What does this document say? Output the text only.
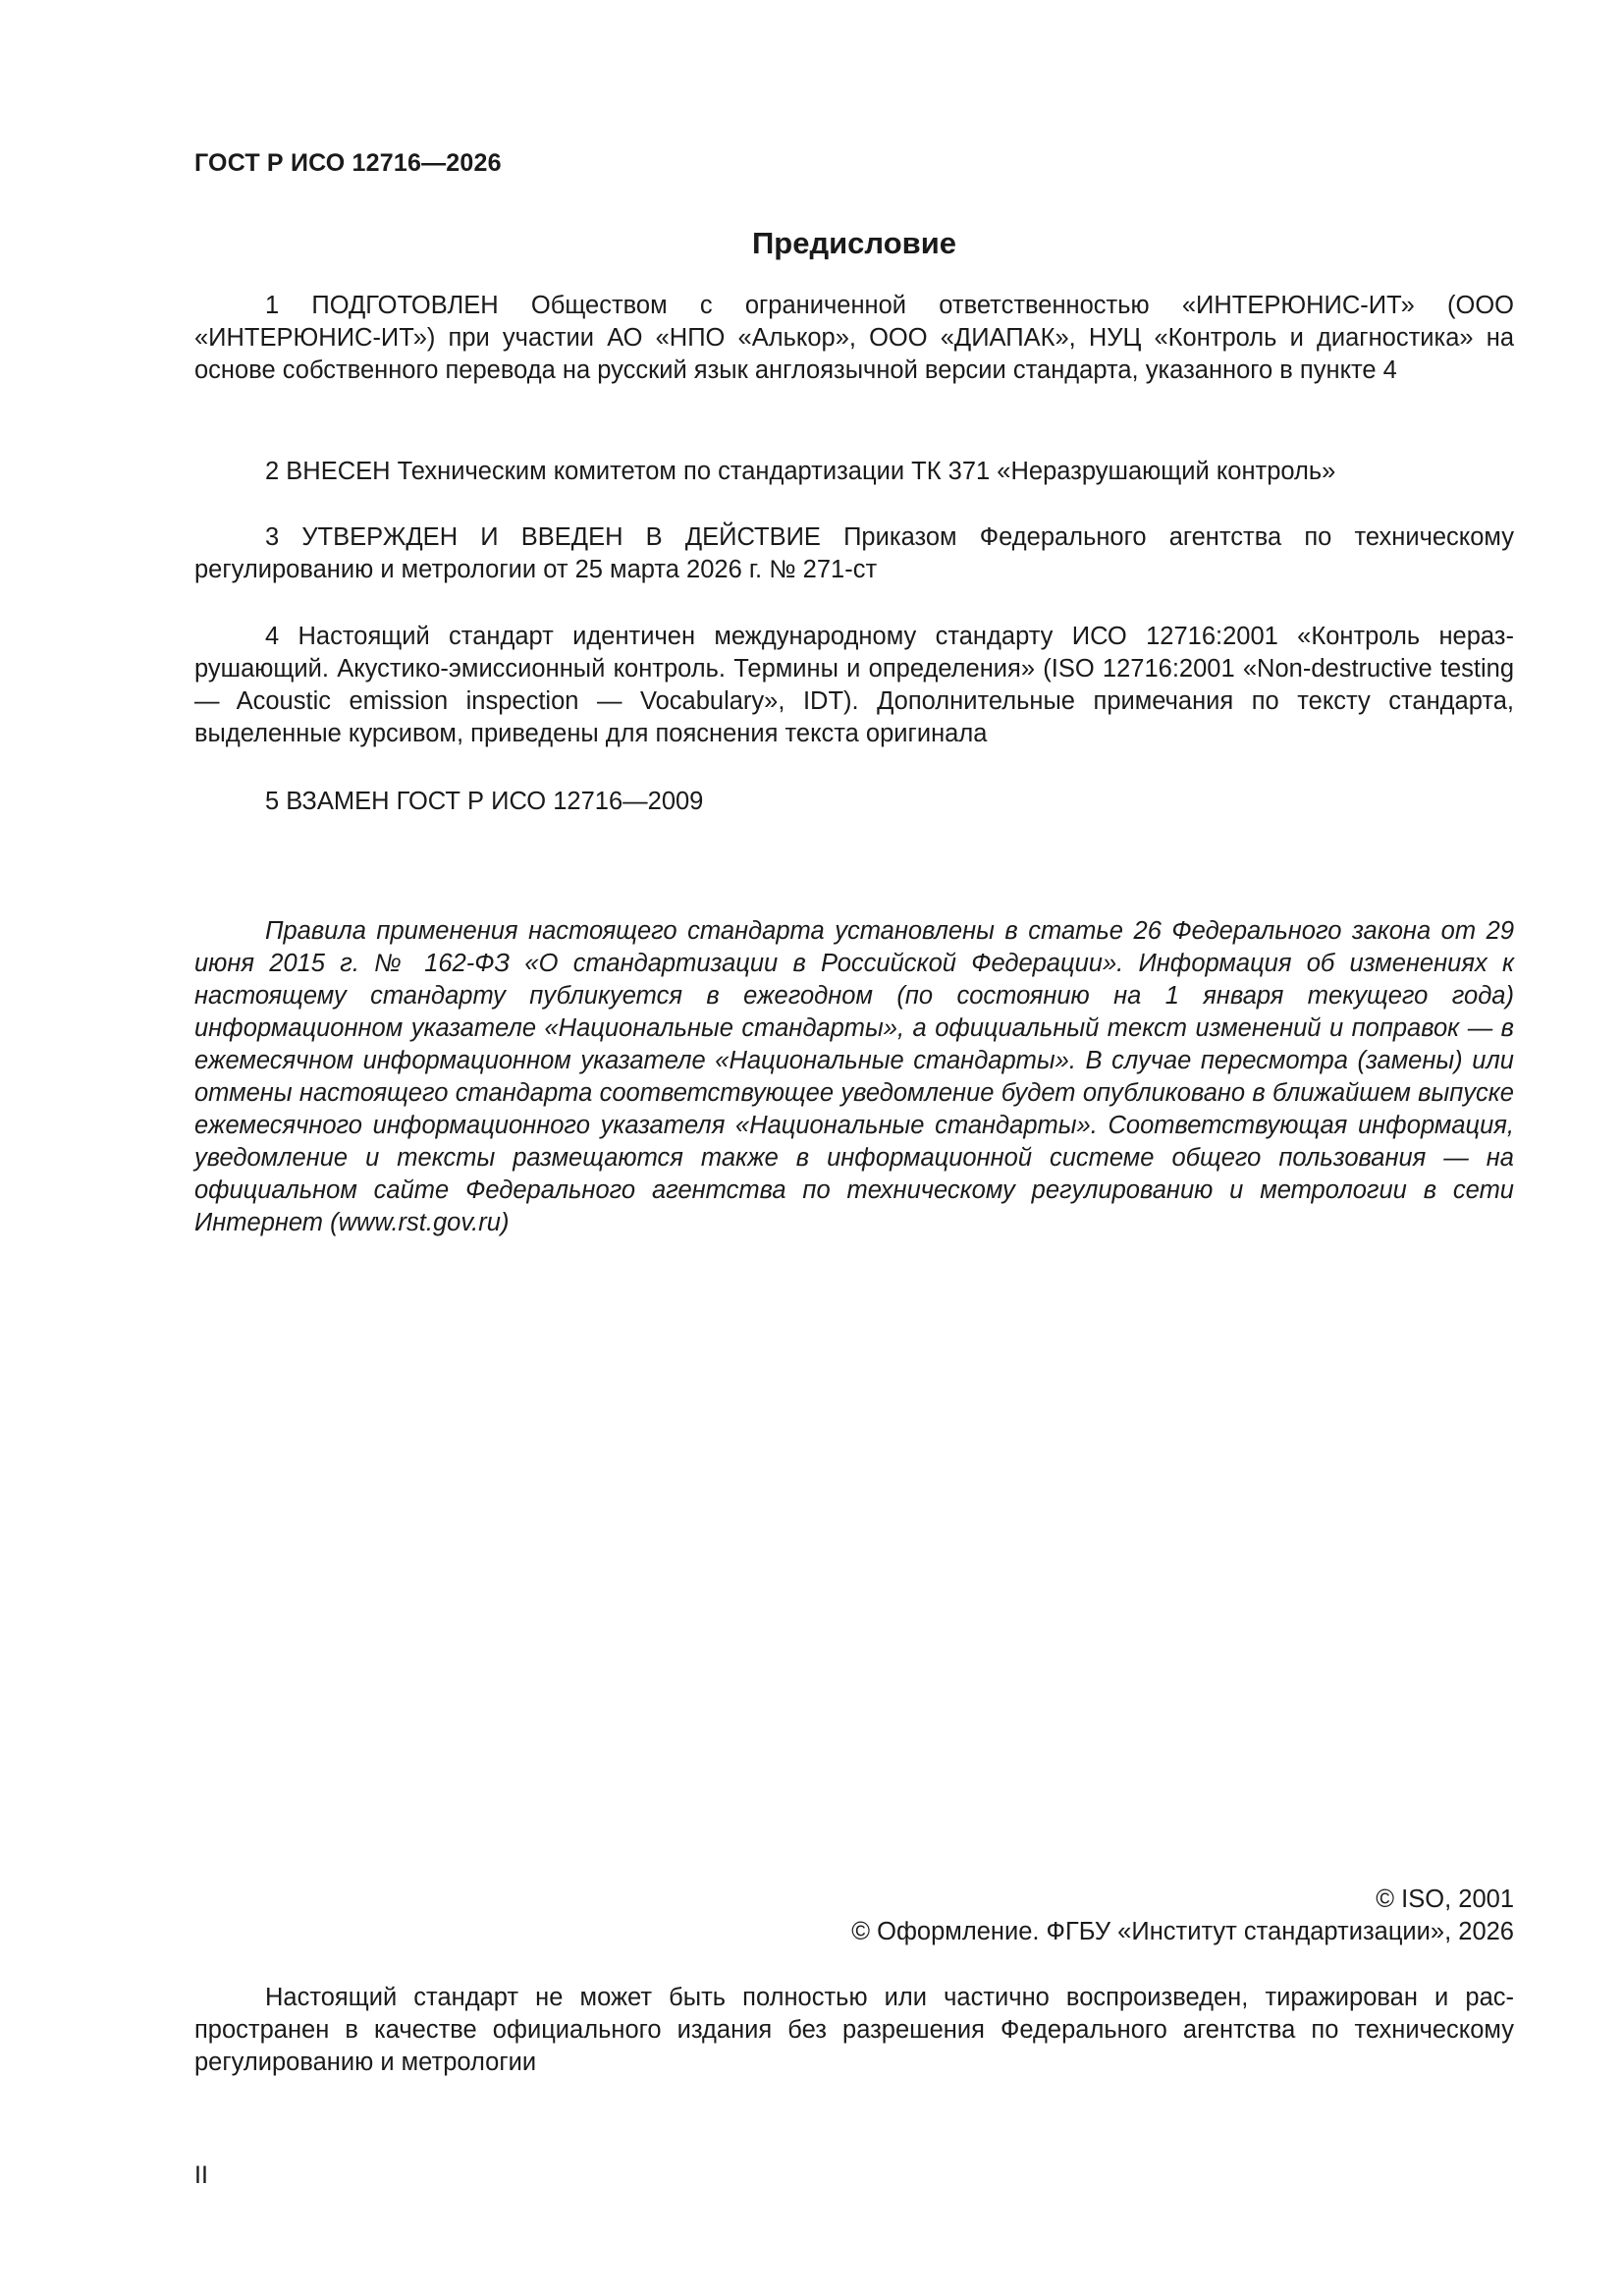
ГОСТ Р ИСО 12716—2026
Предисловие

1 ПОДГОТОВЛЕН Обществом с ограниченной ответственностью «ИНТЕРЮНИС-ИТ» (ООО «ИНТЕРЮНИС-ИТ») при участии АО «НПО «Алькор», ООО «ДИАПАК», НУЦ «Контроль и диагностика» на основе собственного перевода на русский язык англоязычной версии стандарта, указанного в пункте 4

2 ВНЕСЕН Техническим комитетом по стандартизации ТК 371 «Неразрушающий контроль»

3 УТВЕРЖДЕН И ВВЕДЕН В ДЕЙСТВИЕ Приказом Федерального агентства по техническому регулированию и метрологии от 25 марта 2026 г. № 271-ст

4 Настоящий стандарт идентичен международному стандарту ИСО 12716:2001 «Контроль неразрушающий. Акустико-эмиссионный контроль. Термины и определения» (ISO 12716:2001 «Non-destructive testing — Acoustic emission inspection — Vocabulary», IDT). Дополнительные примечания по тексту стандарта, выделенные курсивом, приведены для пояснения текста оригинала

5 ВЗАМЕН ГОСТ Р ИСО 12716—2009

Правила применения настоящего стандарта установлены в статье 26 Федерального закона от 29 июня 2015 г. № 162-ФЗ «О стандартизации в Российской Федерации». Информация об изменениях к настоящему стандарту публикуется в ежегодном (по состоянию на 1 января текущего года) информационном указателе «Национальные стандарты», а официальный текст изменений и поправок — в ежемесячном информационном указателе «Национальные стандарты». В случае пересмотра (замены) или отмены настоящего стандарта соответствующее уведомление будет опубликовано в ближайшем выпуске ежемесячного информационного указателя «Национальные стандарты». Соответствующая информация, уведомление и тексты размещаются также в информационной системе общего пользования — на официальном сайте Федерального агентства по техническому регулированию и метрологии в сети Интернет (www.rst.gov.ru)

© ISO, 2001
© Оформление. ФГБУ «Институт стандартизации», 2026

Настоящий стандарт не может быть полностью или частично воспроизведен, тиражирован и распространен в качестве официального издания без разрешения Федерального агентства по техническому регулированию и метрологии

II
